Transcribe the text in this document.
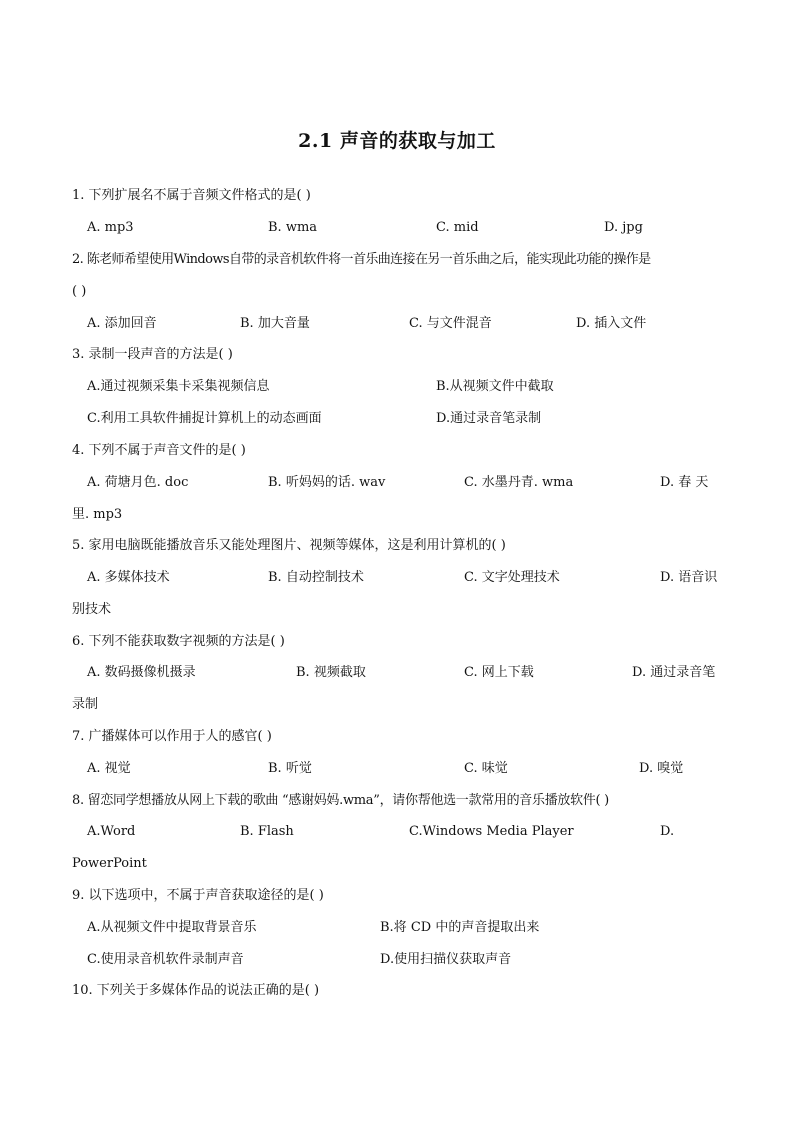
2.1 声音的获取与加工
1. 下列扩展名不属于音频文件格式的是( )
A. mp3	B. wma	C. mid	D. jpg
2. 陈老师希望使用Windows自带的录音机软件将一首乐曲连接在另一首乐曲之后，能实现此功能的操作是
( )
A. 添加回音	B. 加大音量	C. 与文件混音	D. 插入文件
3. 录制一段声音的方法是( )
A.通过视频采集卡采集视频信息	B.从视频文件中截取
C.利用工具软件捕捉计算机上的动态画面	D.通过录音笔录制
4. 下列不属于声音文件的是( )
A. 荷塘月色. doc	B. 听妈妈的话. wav	C. 水墨丹青. wma	D. 春 天
里. mp3
5. 家用电脑既能播放音乐又能处理图片、视频等媒体，这是利用计算机的( )
A. 多媒体技术	B. 自动控制技术	C. 文字处理技术	D. 语音识
别技术
6. 下列不能获取数字视频的方法是( )
A. 数码摄像机摄录	B. 视频截取	C. 网上下载	D. 通过录音笔
录制
7. 广播媒体可以作用于人的感官( )
A. 视觉	B. 听觉	C. 味觉	D. 嗅觉
8. 留恋同学想播放从网上下载的歌曲 “感谢妈妈.wma”，请你帮他选一款常用的音乐播放软件( )
A.Word	B. Flash	C.Windows Media Player	D.
PowerPoint
9. 以下选项中，不属于声音获取途径的是( )
A.从视频文件中提取背景音乐	B.将 CD 中的声音提取出来
C.使用录音机软件录制声音	D.使用扫描仪获取声音
10. 下列关于多媒体作品的说法正确的是( )
